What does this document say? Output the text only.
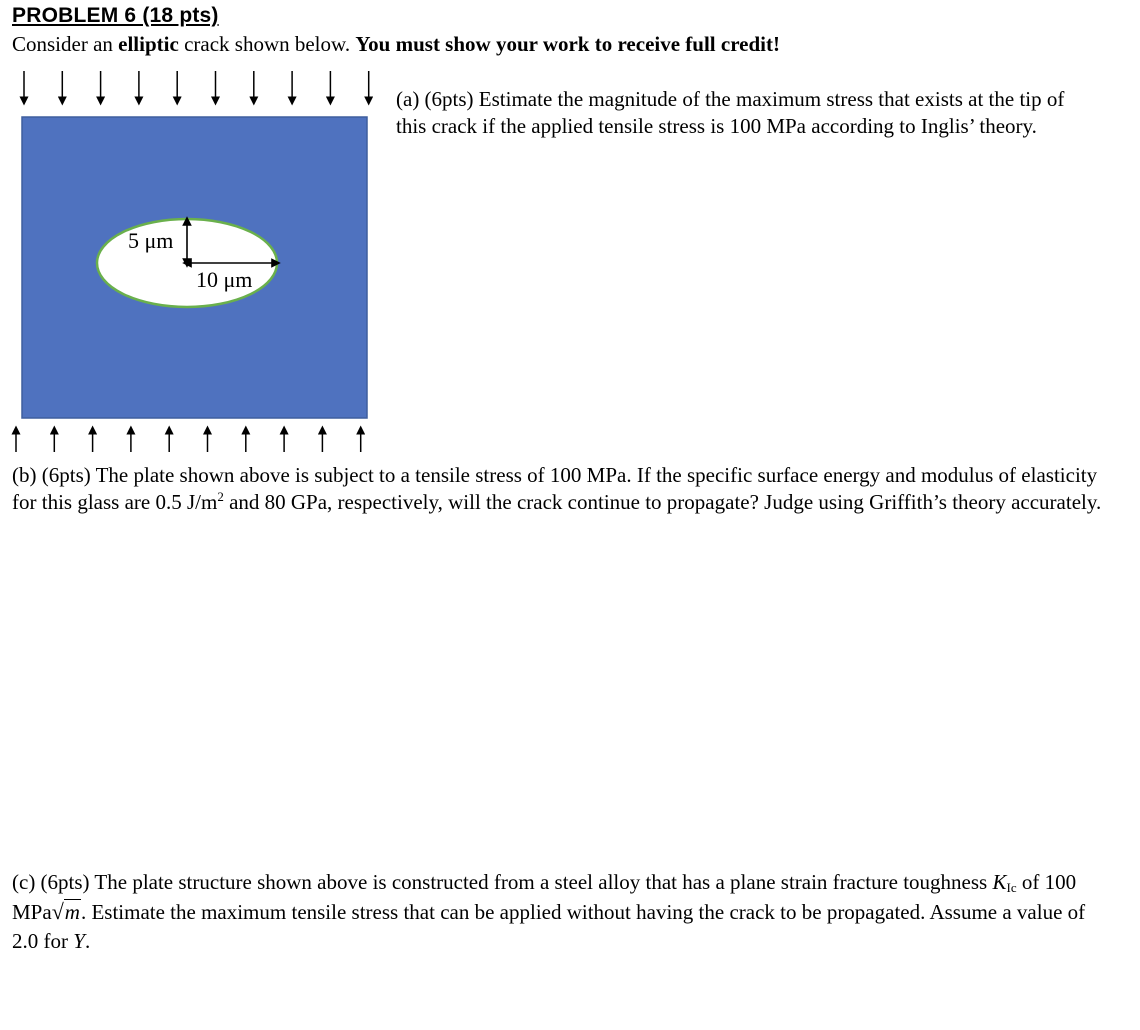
PROBLEM 6 (18 pts)
Consider an elliptic crack shown below. You must show your work to receive full credit!
5 μm
10 μm
(a) (6pts) Estimate the magnitude of the maximum stress that exists at the tip of this crack if the applied tensile stress is 100 MPa according to Inglis’ theory.
(b) (6pts) The plate shown above is subject to a tensile stress of 100 MPa. If the specific surface energy and modulus of elasticity for this glass are 0.5 $J/m^2$ and 80 GPa, respectively, will the crack continue to propagate? Judge using Griffith’s theory accurately.
(c) (6pts) The plate structure shown above is constructed from a steel alloy that has a plane strain fracture toughness $K_{Ic}$ of 100 MPa√m. Estimate the maximum tensile stress that can be applied without having the crack to be propagated. Assume a value of 2.0 for Y.
